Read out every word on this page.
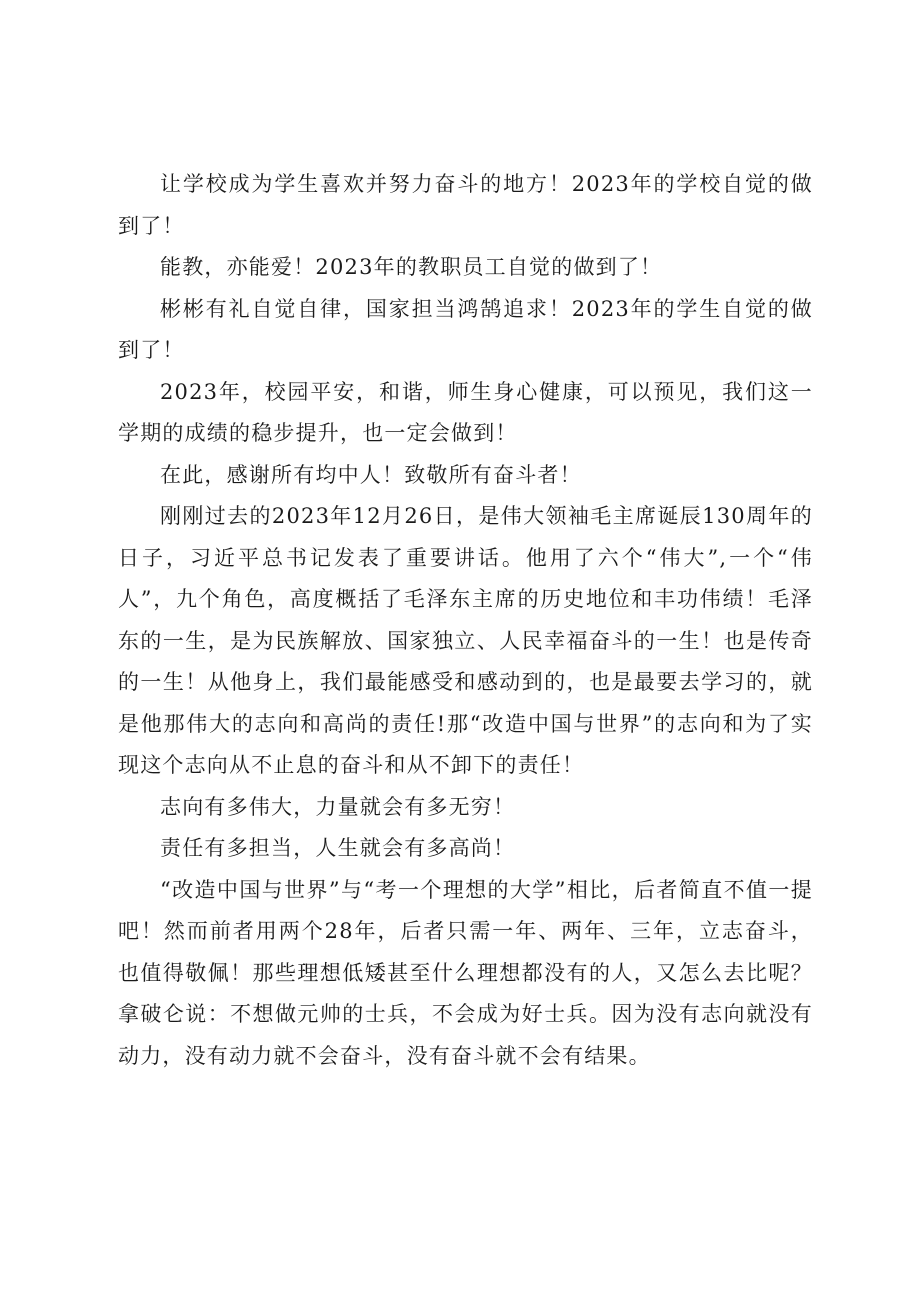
让学校成为学生喜欢并努力奋斗的地方！2023年的学校自觉的做到了！

能教，亦能爱！2023年的教职员工自觉的做到了！

彬彬有礼自觉自律，国家担当鸿鹄追求！2023年的学生自觉的做到了！

2023年，校园平安，和谐，师生身心健康，可以预见，我们这一学期的成绩的稳步提升，也一定会做到！

在此，感谢所有均中人！致敬所有奋斗者！

刚刚过去的2023年12月26日，是伟大领袖毛主席诞辰130周年的日子，习近平总书记发表了重要讲话。他用了六个“伟大”,一个“伟人”，九个角色，高度概括了毛泽东主席的历史地位和丰功伟绩！毛泽东的一生，是为民族解放、国家独立、人民幸福奋斗的一生！也是传奇的一生！从他身上，我们最能感受和感动到的，也是最要去学习的，就是他那伟大的志向和高尚的责任!那“改造中国与世界”的志向和为了实现这个志向从不止息的奋斗和从不卸下的责任！

志向有多伟大，力量就会有多无穷！

责任有多担当，人生就会有多高尚！

“改造中国与世界”与“考一个理想的大学”相比，后者简直不值一提吧！然而前者用两个28年，后者只需一年、两年、三年，立志奋斗，也值得敬佩！那些理想低矮甚至什么理想都没有的人，又怎么去比呢？拿破仑说：不想做元帅的士兵，不会成为好士兵。因为没有志向就没有动力，没有动力就不会奋斗，没有奋斗就不会有结果。
